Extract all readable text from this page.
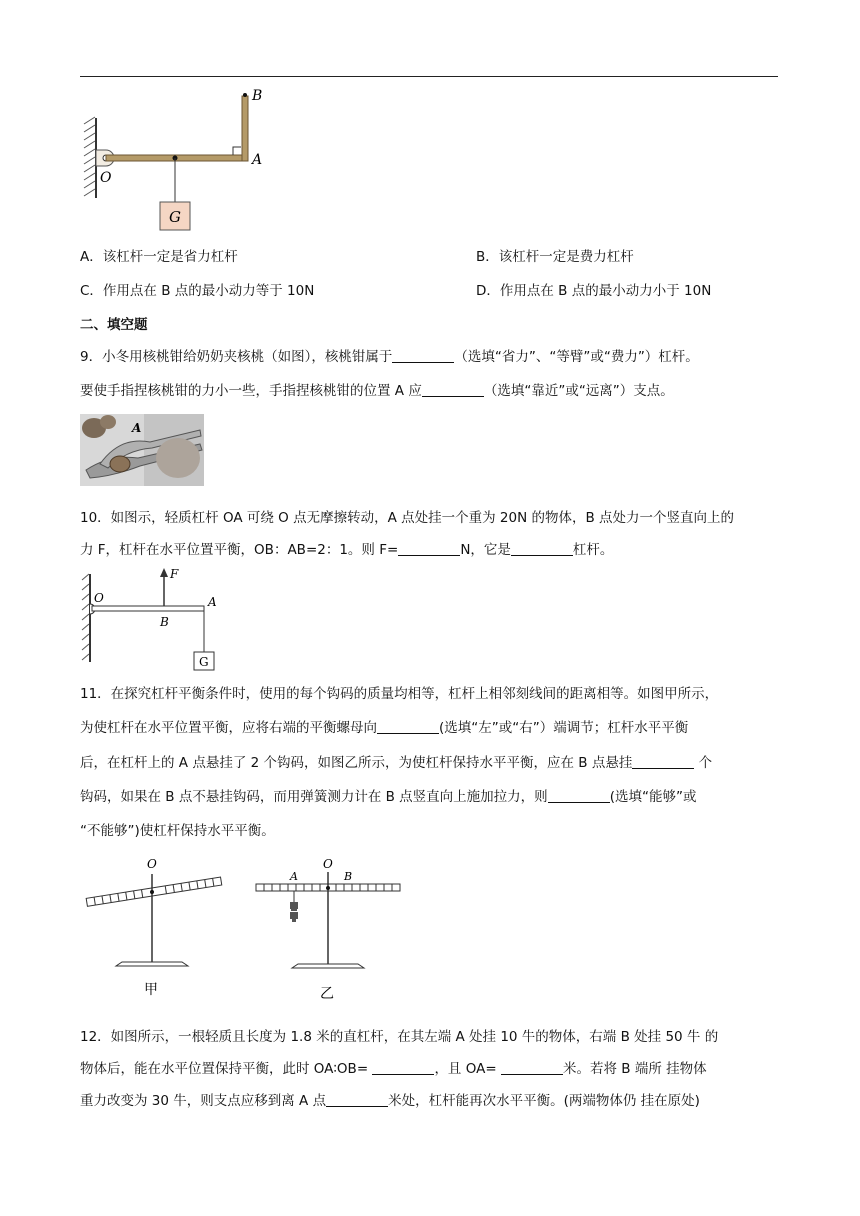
B
A
O
G
A．该杠杆一定是省力杠杆	B．该杠杆一定是费力杠杆
C．作用点在 B 点的最小动力等于 10N	D．作用点在 B 点的最小动力小于 10N
二、填空题
9．小冬用核桃钳给奶奶夹核桃（如图），核桃钳属于	（选填“省力”、“等臂”或“费力”）杠杆。
要使手指捏核桃钳的力小一些，手指捏核桃钳的位置 A 应	（选填“靠近”或“远离”）支点。
A
10．如图示，轻质杠杆 OA 可绕 O 点无摩擦转动，A 点处挂一个重为 20N 的物体，B 点处力一个竖直向上的
力 F，杠杆在水平位置平衡，OB：AB=2：1。则 F=	N，它是	杠杆。
O
F
B
A
G
11．在探究杠杆平衡条件时，使用的每个钩码的质量均相等，杠杆上相邻刻线间的距离相等。如图甲所示，
为使杠杆在水平位置平衡，应将右端的平衡螺母向	(选填“左”或“右”）端调节；杠杆水平平衡
后，在杠杆上的 A 点悬挂了 2 个钩码，如图乙所示，为使杠杆保持水平平衡，应在 B 点悬挂	个
钩码，如果在 B 点不悬挂钩码，而用弹簧测力计在 B 点竖直向上施加拉力，则	(选填“能够”或
“不能够”)使杠杆保持水平平衡。
O
甲
O
A	B
乙
12．如图所示，一根轻质且长度为 1.8 米的直杠杆，在其左端 A 处挂 10 牛的物体，右端 B 处挂 50 牛 的
物体后，能在水平位置保持平衡，此时 OA∶OB=	，且 OA=	米。若将 B 端所 挂物体
重力改变为 30 牛，则支点应移到离 A 点	米处，杠杆能再次水平平衡。(两端物体仍 挂在原处)
